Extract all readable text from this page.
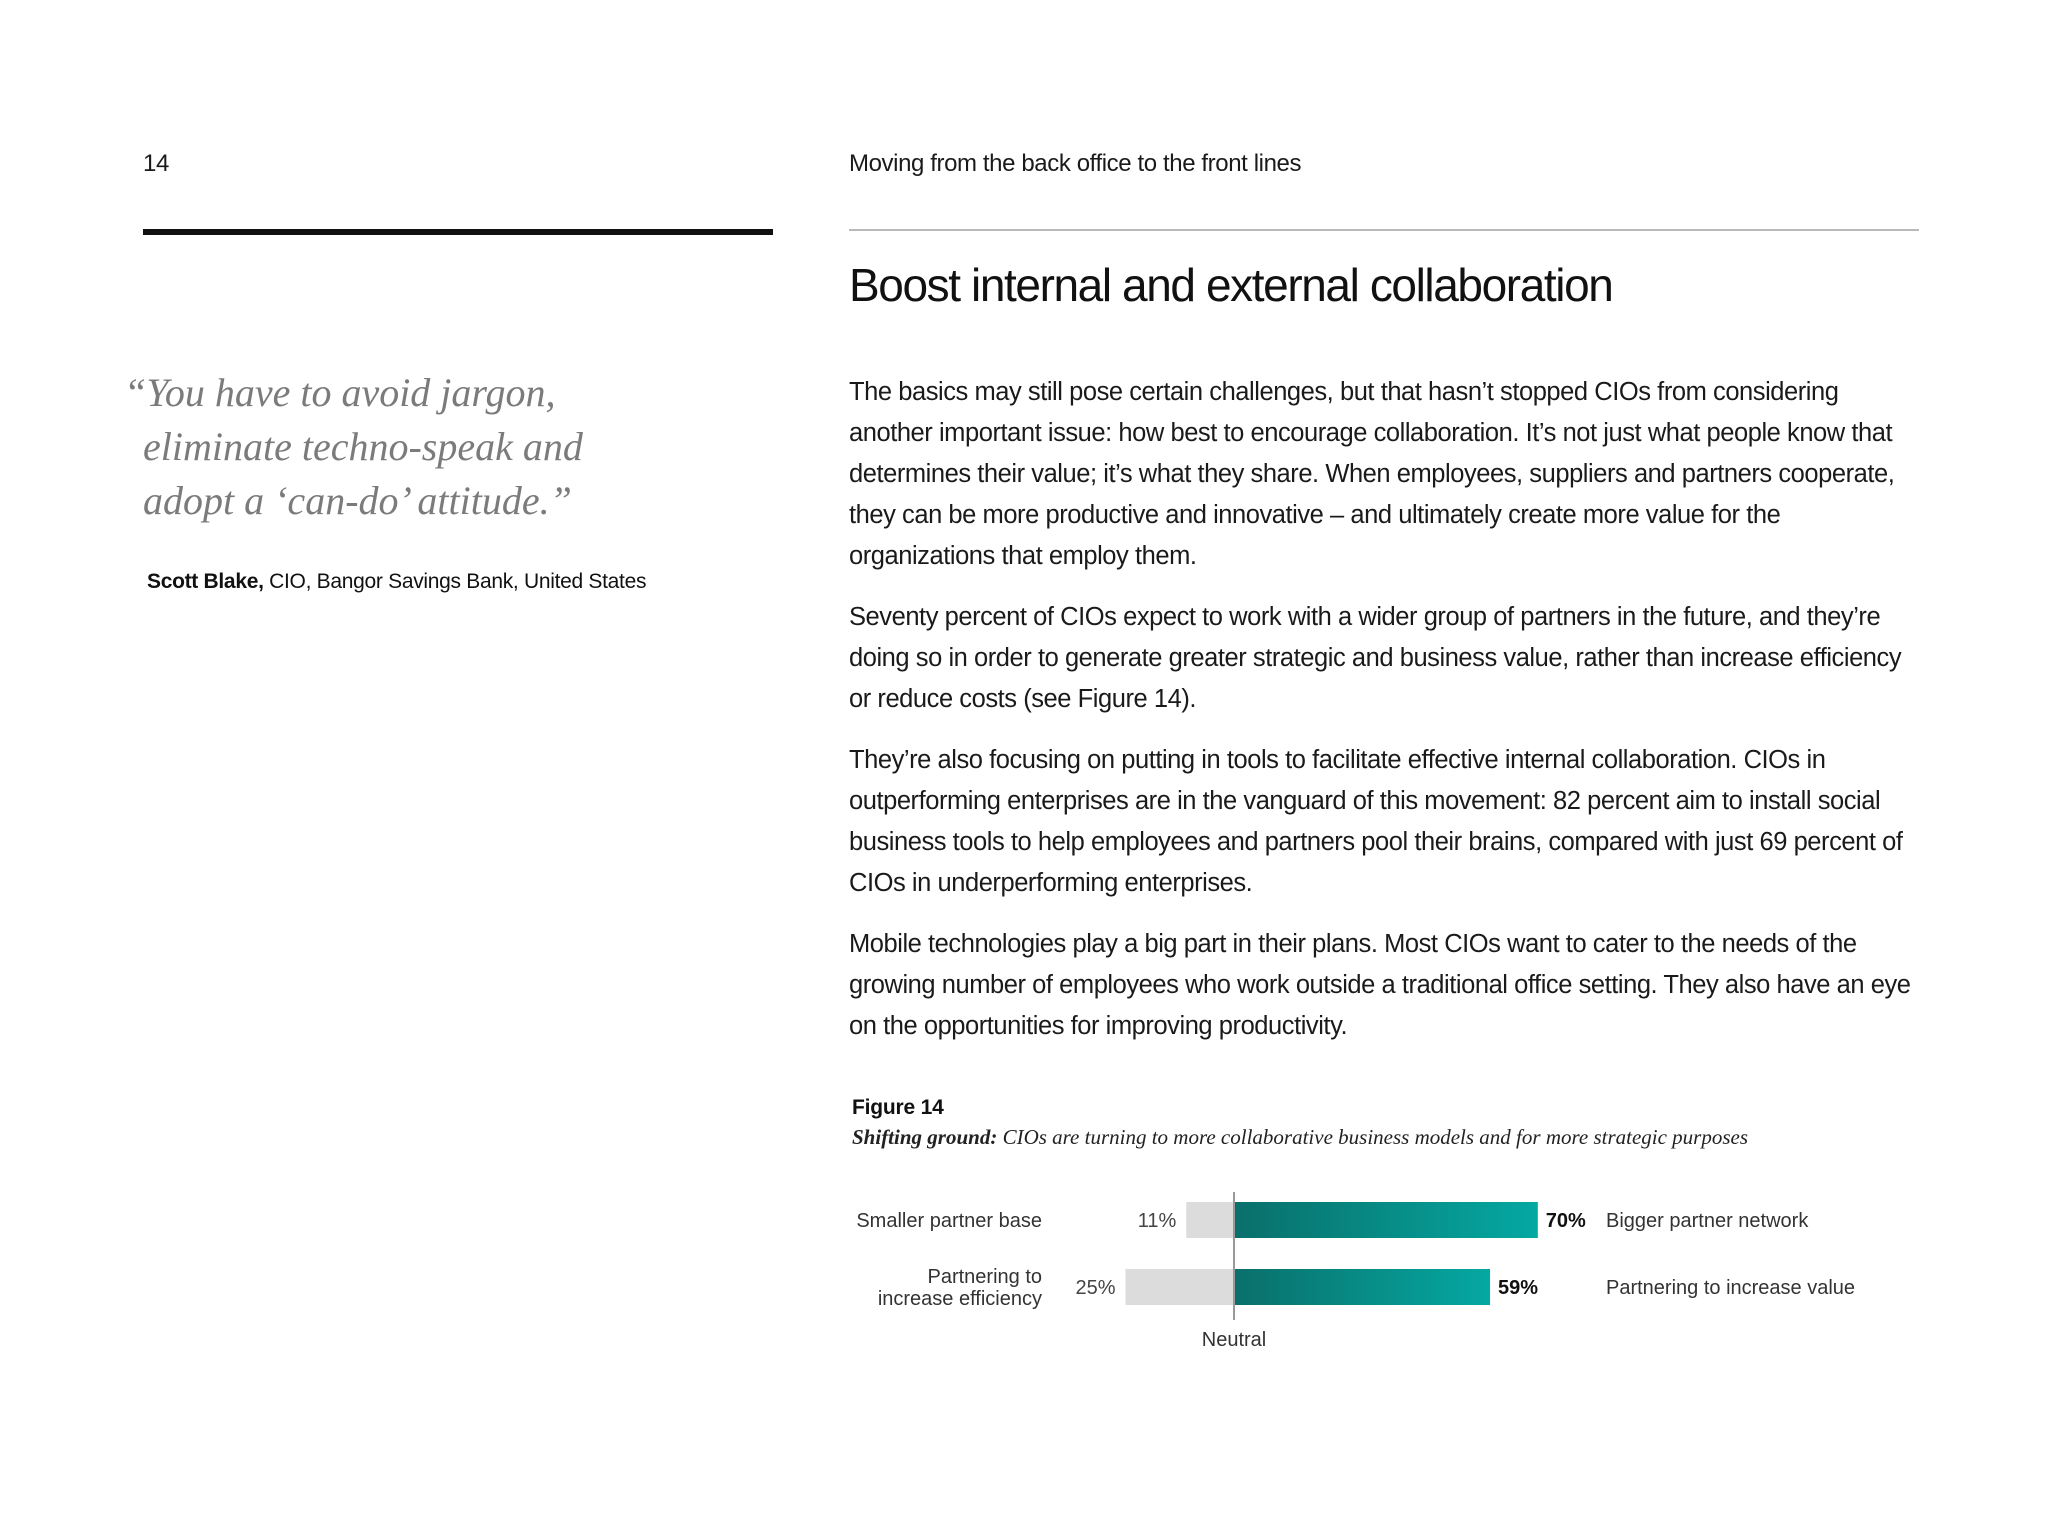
14	Moving from the back office to the front lines
Boost internal and external collaboration
“You have to avoid jargon,
eliminate techno-speak and
adopt a ‘can-do’ attitude.”
Scott Blake, CIO, Bangor Savings Bank, United States

The basics may still pose certain challenges, but that hasn’t stopped CIOs from considering another important issue: how best to encourage collaboration. It’s not just what people know that determines their value; it’s what they share. When employees, suppliers and partners cooperate, they can be more productive and innovative – and ultimately create more value for the organizations that employ them.

Seventy percent of CIOs expect to work with a wider group of partners in the future, and they’re doing so in order to generate greater strategic and business value, rather than increase efficiency or reduce costs (see Figure 14).

They’re also focusing on putting in tools to facilitate effective internal collaboration. CIOs in outperforming enterprises are in the vanguard of this movement: 82 percent aim to install social business tools to help employees and partners pool their brains, compared with just 69 percent of CIOs in underperforming enterprises.

Mobile technologies play a big part in their plans. Most CIOs want to cater to the needs of the growing number of employees who work outside a traditional office setting. They also have an eye on the opportunities for improving productivity.

Figure 14
Shifting ground: CIOs are turning to more collaborative business models and for more strategic purposes
11%	70%
Smaller partner base	Bigger partner network
25%	59%
Partnering to
increase efficiency	Partnering to increase value
Neutral
